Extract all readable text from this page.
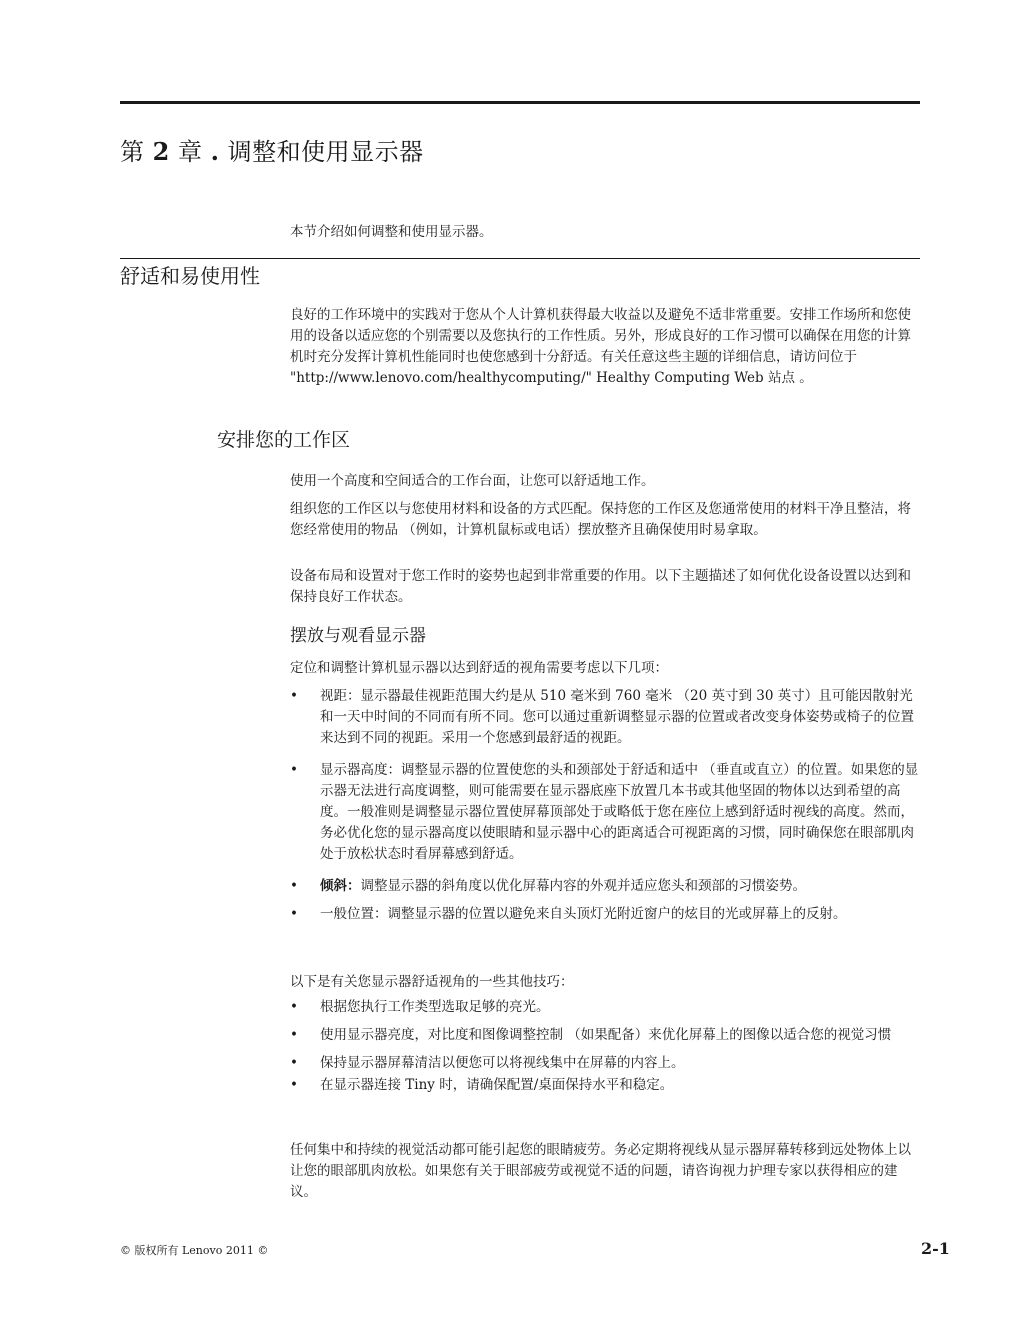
第 2 章 . 调整和使用显示器
本节介绍如何调整和使用显示器。
舒适和易使用性
良好的工作环境中的实践对于您从个人计算机获得最大收益以及避免不适非常重要。安排工作场所和您使用的设备以适应您的个别需要以及您执行的工作性质。另外，形成良好的工作习惯可以确保在用您的计算机时充分发挥计算机性能同时也使您感到十分舒适。有关任意这些主题的详细信息，请访问位于
"http://www.lenovo.com/healthycomputing/" Healthy Computing Web 站点 。
安排您的工作区
使用一个高度和空间适合的工作台面，让您可以舒适地工作。
组织您的工作区以与您使用材料和设备的方式匹配。保持您的工作区及您通常使用的材料干净且整洁，将您经常使用的物品 （例如，计算机鼠标或电话）摆放整齐且确保使用时易拿取。
设备布局和设置对于您工作时的姿势也起到非常重要的作用。以下主题描述了如何优化设备设置以达到和保持良好工作状态。
摆放与观看显示器
定位和调整计算机显示器以达到舒适的视角需要考虑以下几项：
• 视距：显示器最佳视距范围大约是从 510 毫米到 760 毫米 （20 英寸到 30 英寸）且可能因散射光和一天中时间的不同而有所不同。您可以通过重新调整显示器的位置或者改变身体姿势或椅子的位置来达到不同的视距。采用一个您感到最舒适的视距。
• 显示器高度：调整显示器的位置使您的头和颈部处于舒适和适中 （垂直或直立）的位置。如果您的显示器无法进行高度调整，则可能需要在显示器底座下放置几本书或其他坚固的物体以达到希望的高度。一般准则是调整显示器位置使屏幕顶部处于或略低于您在座位上感到舒适时视线的高度。然而，务必优化您的显示器高度以使眼睛和显示器中心的距离适合可视距离的习惯，同时确保您在眼部肌肉处于放松状态时看屏幕感到舒适。
• 倾斜：调整显示器的斜角度以优化屏幕内容的外观并适应您头和颈部的习惯姿势。
• 一般位置：调整显示器的位置以避免来自头顶灯光附近窗户的炫目的光或屏幕上的反射。
以下是有关您显示器舒适视角的一些其他技巧：
• 根据您执行工作类型选取足够的亮光。
• 使用显示器亮度，对比度和图像调整控制 （如果配备）来优化屏幕上的图像以适合您的视觉习惯
• 保持显示器屏幕清洁以便您可以将视线集中在屏幕的内容上。
• 在显示器连接 Tiny 时，请确保配置/桌面保持水平和稳定。
任何集中和持续的视觉活动都可能引起您的眼睛疲劳。务必定期将视线从显示器屏幕转移到远处物体上以让您的眼部肌肉放松。如果您有关于眼部疲劳或视觉不适的问题，请咨询视力护理专家以获得相应的建议。
© 版权所有 Lenovo 2011 ©	2-1
